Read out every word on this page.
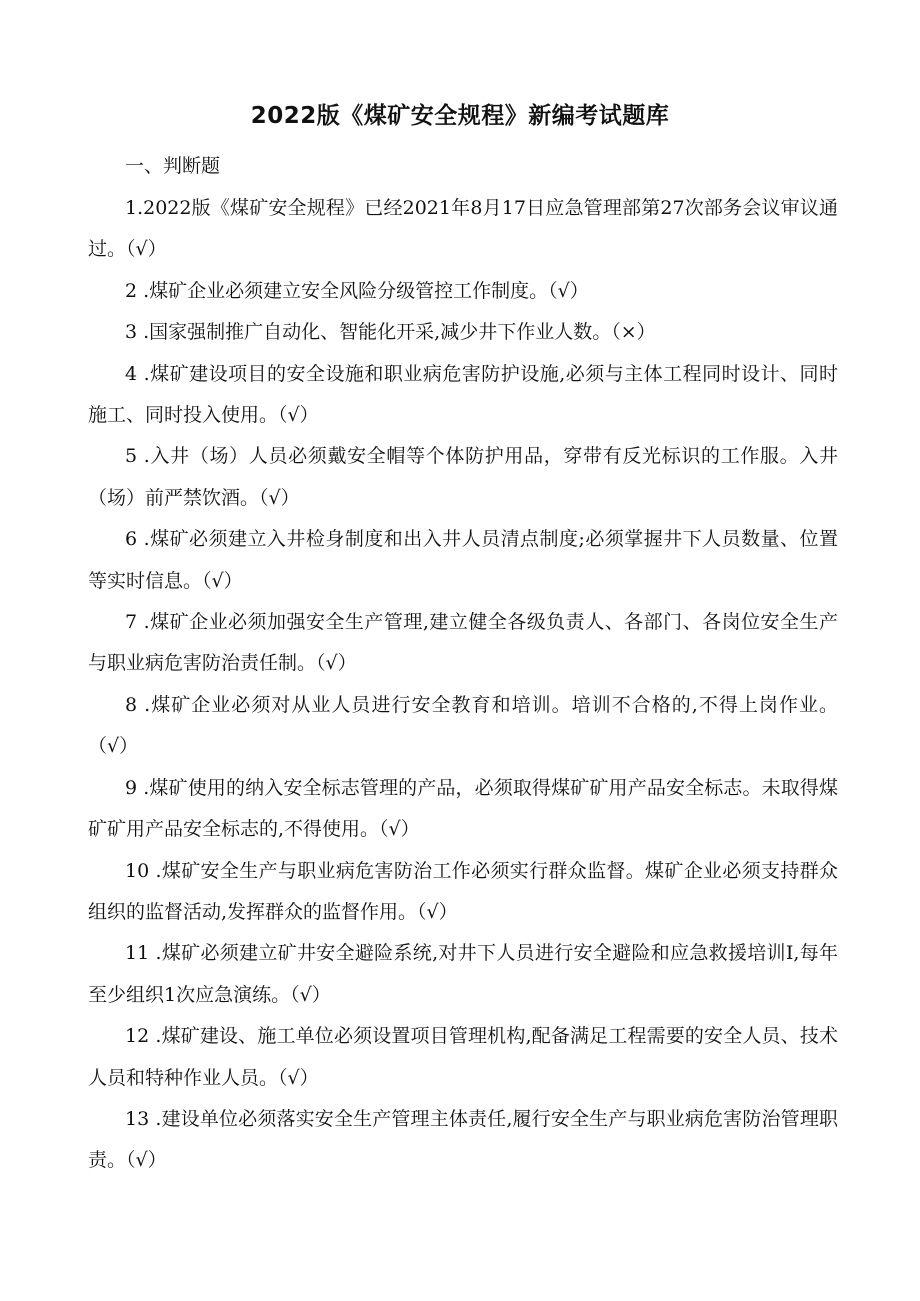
2022版《煤矿安全规程》新编考试题库
一、判断题
1.2022版《煤矿安全规程》已经2021年8月17日应急管理部第27次部务会议审议通过。（√）
2 .煤矿企业必须建立安全风险分级管控工作制度。（√）
3 .国家强制推广自动化、智能化开采,减少井下作业人数。（×）
4 .煤矿建设项目的安全设施和职业病危害防护设施,必须与主体工程同时设计、同时施工、同时投入使用。（√）
5 .入井（场）人员必须戴安全帽等个体防护用品，穿带有反光标识的工作服。入井（场）前严禁饮酒。（√）
6 .煤矿必须建立入井检身制度和出入井人员清点制度;必须掌握井下人员数量、位置等实时信息。（√）
7 .煤矿企业必须加强安全生产管理,建立健全各级负责人、各部门、各岗位安全生产与职业病危害防治责任制。（√）
8 .煤矿企业必须对从业人员进行安全教育和培训。培训不合格的,不得上岗作业。（√）
9 .煤矿使用的纳入安全标志管理的产品，必须取得煤矿矿用产品安全标志。未取得煤矿矿用产品安全标志的,不得使用。（√）
10 .煤矿安全生产与职业病危害防治工作必须实行群众监督。煤矿企业必须支持群众组织的监督活动,发挥群众的监督作用。（√）
11 .煤矿必须建立矿井安全避险系统,对井下人员进行安全避险和应急救援培训I,每年至少组织1次应急演练。（√）
12 .煤矿建设、施工单位必须设置项目管理机构,配备满足工程需要的安全人员、技术人员和特种作业人员。（√）
13 .建设单位必须落实安全生产管理主体责任,履行安全生产与职业病危害防治管理职责。（√）
